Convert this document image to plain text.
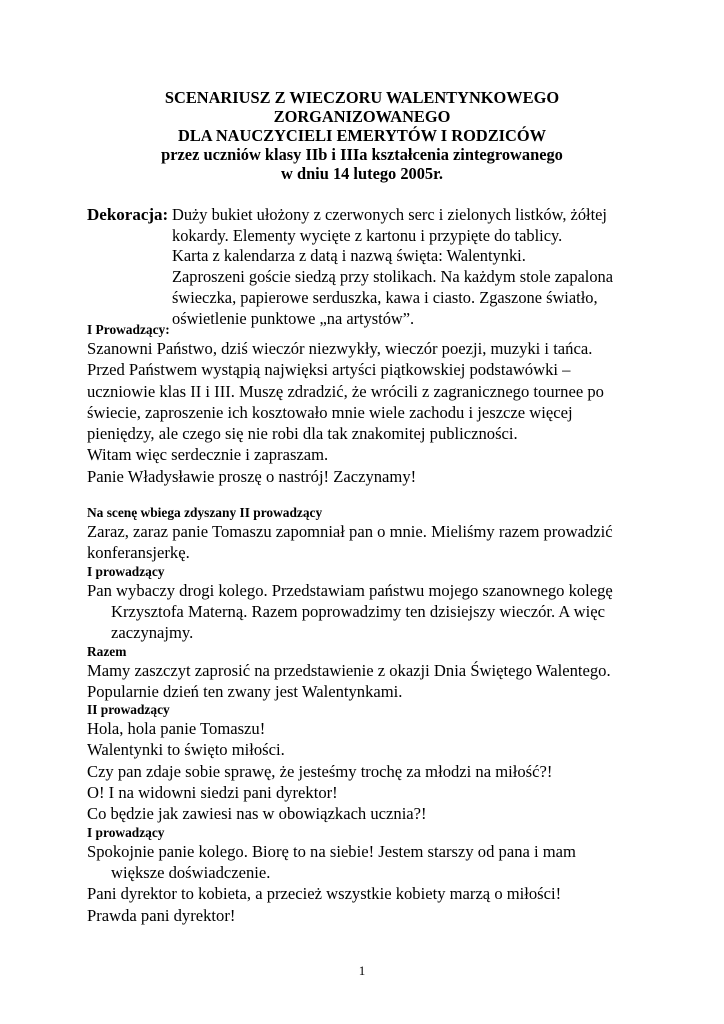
SCENARIUSZ Z WIECZORU WALENTYNKOWEGO
ZORGANIZOWANEGO
DLA NAUCZYCIELI EMERYTÓW I RODZICÓW
przez uczniów klasy IIb i IIIa kształcenia zintegrowanego
w dniu 14 lutego 2005r.
Dekoracja: Duży bukiet ułożony z czerwonych serc i zielonych listków, żółtej
kokardy. Elementy wycięte z kartonu i przypięte do tablicy.
Karta z kalendarza z datą i nazwą święta: Walentynki.
Zaproszeni goście siedzą przy stolikach. Na każdym stole zapalona
świeczka, papierowe serduszka, kawa i ciasto. Zgaszone światło,
oświetlenie punktowe „na artystów”.
I Prowadzący:
Szanowni Państwo, dziś wieczór niezwykły, wieczór poezji, muzyki i tańca.
Przed Państwem wystąpią najwięksi artyści piątkowskiej podstawówki –
uczniowie klas II i III. Muszę zdradzić, że wrócili z zagranicznego tournee po
świecie, zaproszenie ich kosztowało mnie wiele zachodu i jeszcze więcej
pieniędzy, ale czego się nie robi dla tak znakomitej publiczności.
Witam więc serdecznie i zapraszam.
Panie Władysławie proszę o nastrój! Zaczynamy!
Na scenę wbiega zdyszany II prowadzący
Zaraz, zaraz panie Tomaszu zapomniał pan o mnie. Mieliśmy razem prowadzić
konferansjerkę.
I prowadzący
Pan wybaczy drogi kolego. Przedstawiam państwu mojego szanownego kolegę
Krzysztofa Materną. Razem poprowadzimy ten dzisiejszy wieczór. A więc
zaczynajmy.
Razem
Mamy zaszczyt zaprosić na przedstawienie z okazji Dnia Świętego Walentego.
Popularnie dzień ten zwany jest Walentynkami.
II prowadzący
Hola, hola panie Tomaszu!
Walentynki to święto miłości.
Czy pan zdaje sobie sprawę, że jesteśmy trochę za młodzi na miłość?!
O! I na widowni siedzi pani dyrektor!
Co będzie jak zawiesi nas w obowiązkach ucznia?!
I prowadzący
Spokojnie panie kolego. Biorę to na siebie! Jestem starszy od pana i mam
większe doświadczenie.
Pani dyrektor to kobieta, a przecież wszystkie kobiety marzą o miłości!
Prawda pani dyrektor!
1
